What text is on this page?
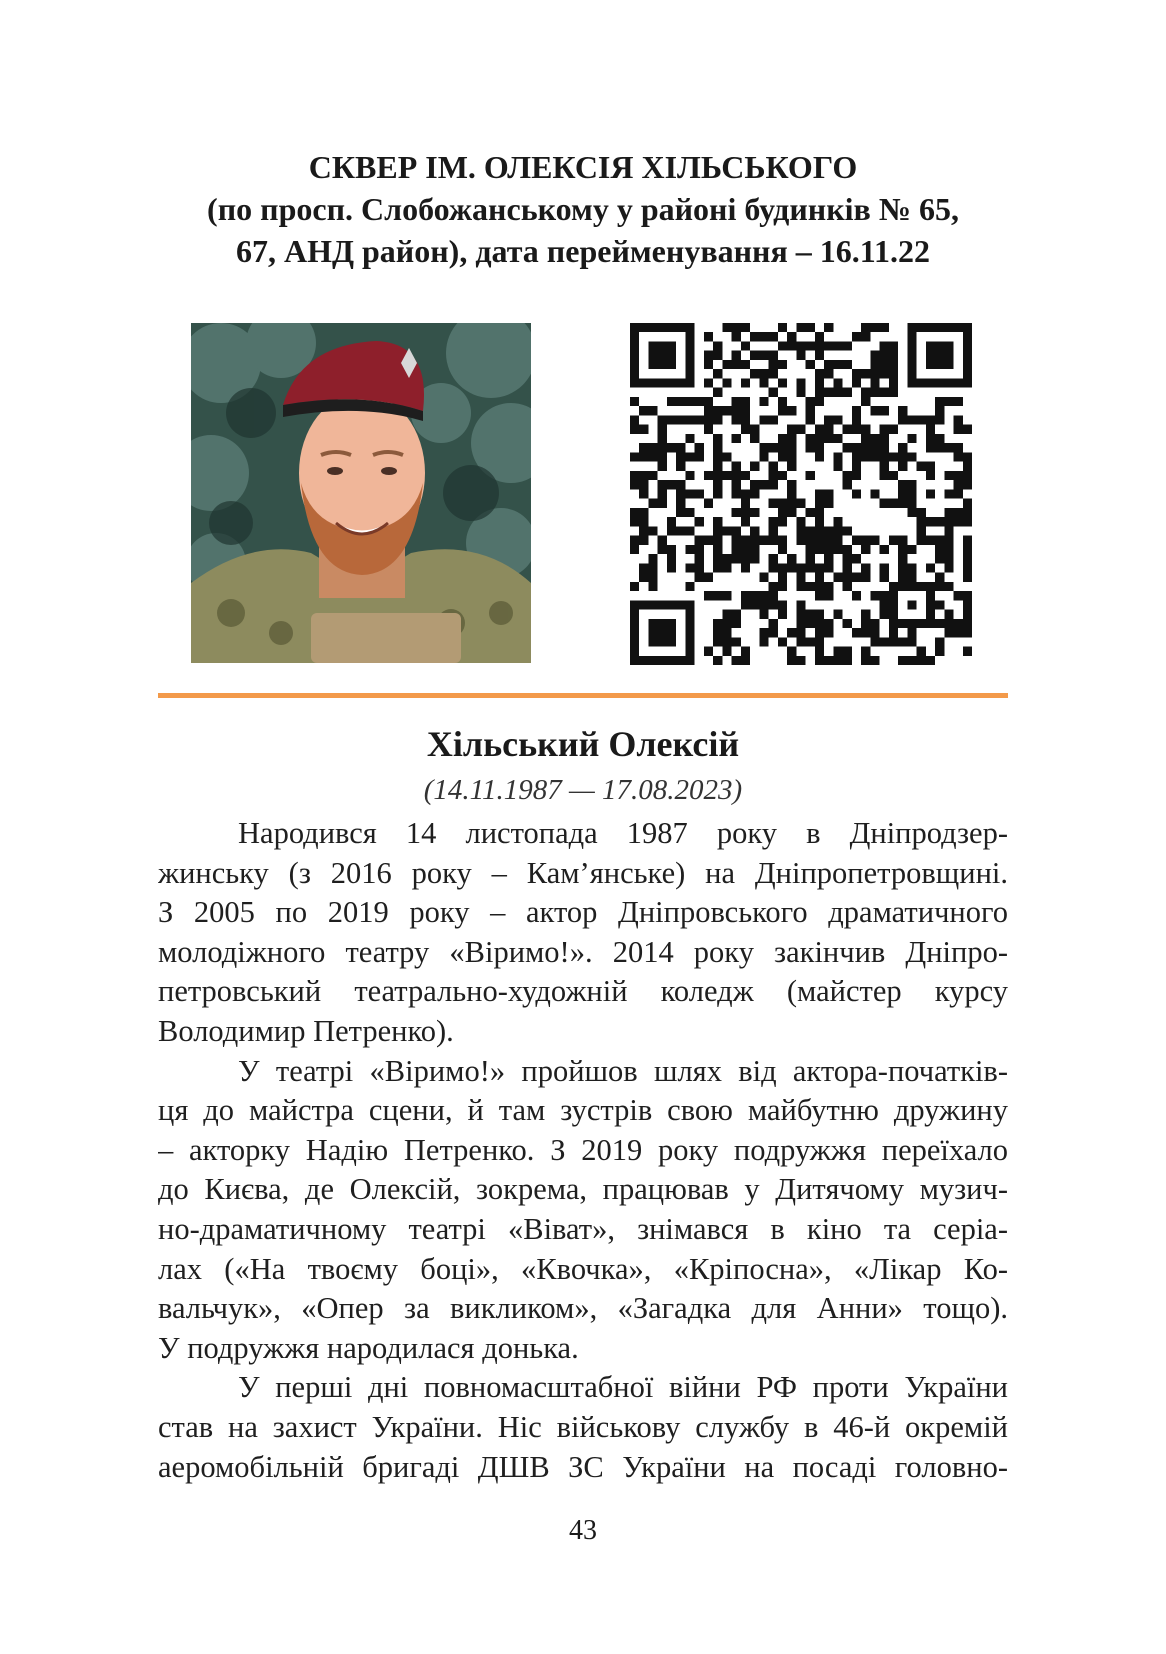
СКВЕР ІМ. ОЛЕКСІЯ ХІЛЬСЬКОГО
(по просп. Слобожанському у районі будинків № 65,
67, АНД район), дата перейменування – 16.11.22
Хільський Олексій
(14.11.1987 — 17.08.2023)

Народився 14 листопада 1987 року в Дніпродзер-
жинську (з 2016 року – Кам’янське) на Дніпропетровщині.
З 2005 по 2019 року – актор Дніпровського драматичного
молодіжного театру «Віримо!». 2014 року закінчив Дніпро-
петровський театрально-художній коледж (майстер курсу
Володимир Петренко).

У театрі «Віримо!» пройшов шлях від актора-початків-
ця до майстра сцени, й там зустрів свою майбутню дружину
– акторку Надію Петренко. З 2019 року подружжя переїхало
до Києва, де Олексій, зокрема, працював у Дитячому музич-
но-драматичному театрі «Віват», знімався в кіно та серіа-
лах («На твоєму боці», «Квочка», «Кріпосна», «Лікар Ко-
вальчук», «Опер за викликом», «Загадка для Анни» тощо).
У подружжя народилася донька.

У перші дні повномасштабної війни РФ проти України
став на захист України. Ніс військову службу в 46-й окремій
аеромобільній бригаді ДШВ ЗС України на посаді головно-

43
